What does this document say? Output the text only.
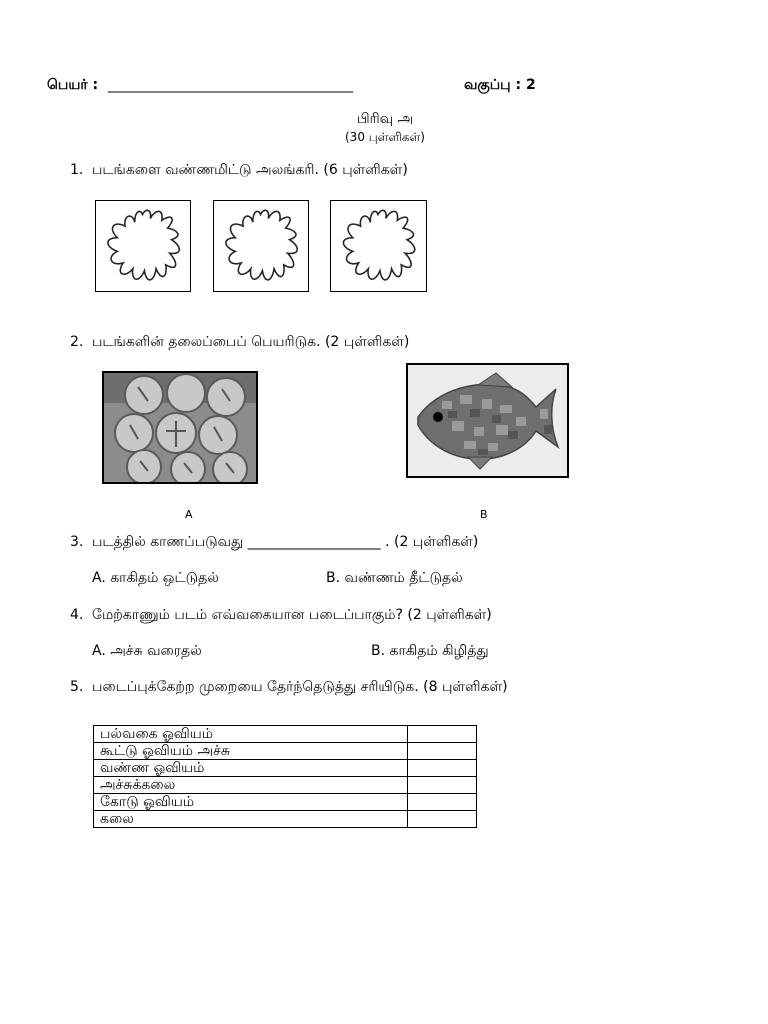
பெயர் : ___________________________________	வகுப்பு : 2
பிரிவு அ
(30 புள்ளிகள்)
1. படங்களை வண்ணமிட்டு அலங்கரி. (6 புள்ளிகள்)
2. படங்களின் தலைப்பைப் பெயரிடுக. (2 புள்ளிகள்)
A	B
3. படத்தில் காணப்படுவது ___________________ . (2 புள்ளிகள்)
A. காகிதம் ஒட்டுதல்	B. வண்ணம் தீட்டுதல்
4. மேற்காணும் படம் எவ்வகையான படைப்பாகும்? (2 புள்ளிகள்)
A. அச்சு வரைதல்	B. காகிதம் கிழித்து
5. படைப்புக்கேற்ற முறையை தேர்ந்தெடுத்து சரியிடுக. (8 புள்ளிகள்)
பல்வகை ஓவியம்	
கூட்டு ஓவியம் அச்சு	
வண்ண ஓவியம்	
அச்சுக்கலை	
கோடு ஓவியம்	
கலை	
